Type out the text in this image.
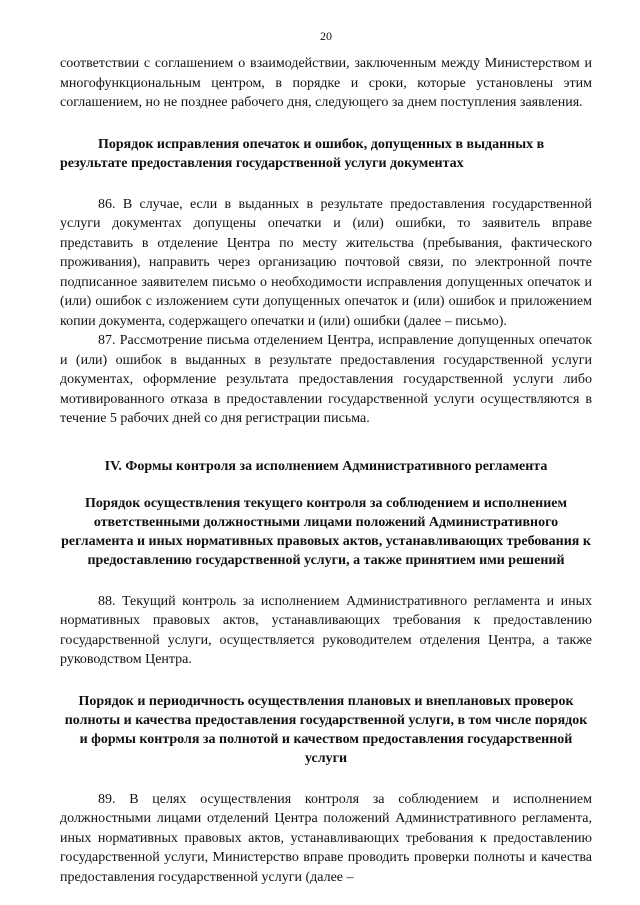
20

соответствии с соглашением о взаимодействии, заключенным между Министерством и многофункциональным центром, в порядке и сроки, которые установлены этим соглашением, но не позднее рабочего дня, следующего за днем поступления заявления.

Порядок исправления опечаток и ошибок, допущенных в выданных в результате предоставления государственной услуги документах

86. В случае, если в выданных в результате предоставления государственной услуги документах допущены опечатки и (или) ошибки, то заявитель вправе представить в отделение Центра по месту жительства (пребывания, фактического проживания), направить через организацию почтовой связи, по электронной почте подписанное заявителем письмо о необходимости исправления допущенных опечаток и (или) ошибок с изложением сути допущенных опечаток и (или) ошибок и приложением копии документа, содержащего опечатки и (или) ошибки (далее – письмо).

87. Рассмотрение письма отделением Центра, исправление допущенных опечаток и (или) ошибок в выданных в результате предоставления государственной услуги документах, оформление результата предоставления государственной услуги либо мотивированного отказа в предоставлении государственной услуги осуществляются в течение 5 рабочих дней со дня регистрации письма.

IV. Формы контроля за исполнением Административного регламента
Порядок осуществления текущего контроля за соблюдением и исполнением ответственными должностными лицами положений Административного регламента и иных нормативных правовых актов, устанавливающих требования к предоставлению государственной услуги, а также принятием ими решений

88. Текущий контроль за исполнением Административного регламента и иных нормативных правовых актов, устанавливающих требования к предоставлению государственной услуги, осуществляется руководителем отделения Центра, а также руководством Центра.

Порядок и периодичность осуществления плановых и внеплановых проверок полноты и качества предоставления государственной услуги, в том числе порядок и формы контроля за полнотой и качеством предоставления государственной услуги

89. В целях осуществления контроля за соблюдением и исполнением должностными лицами отделений Центра положений Административного регламента, иных нормативных правовых актов, устанавливающих требования к предоставлению государственной услуги, Министерство вправе проводить проверки полноты и качества предоставления государственной услуги (далее –
